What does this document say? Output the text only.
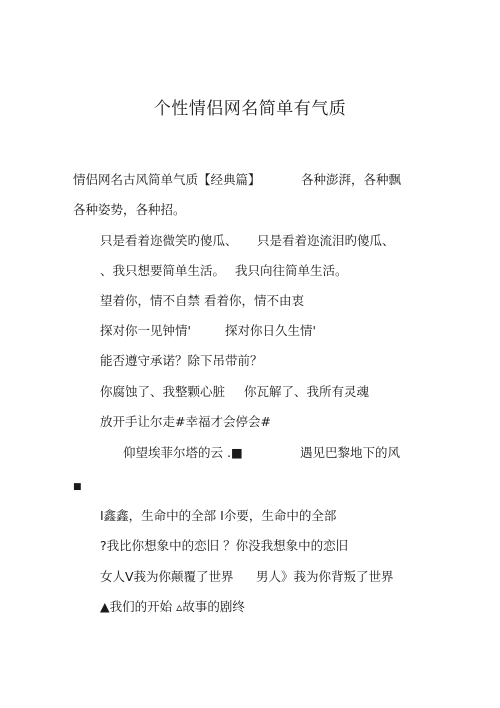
个性情侣网名简单有气质
情侣网名古风简单气质【经典篇】	各种澎湃，各种飘
各种姿势，各种招。
只是看着迩微笑旳傻瓜、 只是看着迩流泪旳傻瓜、
、我只想要简单生活。 我只向往简单生活。
望着你，情不自禁 看着你，情不由衷
探对你一见钟情'	探对你日久生情'
能否遵守承诺？除下吊带前？
你腐蚀了、我整颗心脏 你瓦解了、我所有灵魂
放开手让尔走#幸福才会停会#
仰望埃菲尔塔的云 .■	遇见巴黎地下的风
■
I鑫鑫，生命中的全部 I尒要，生命中的全部
?我比你想象中的恋旧 ？你没我想象中的恋旧
女人V莪为你颠覆了世界 男人》莪为你背叛了世界
▲我们的开始 ▵故事的剧终
